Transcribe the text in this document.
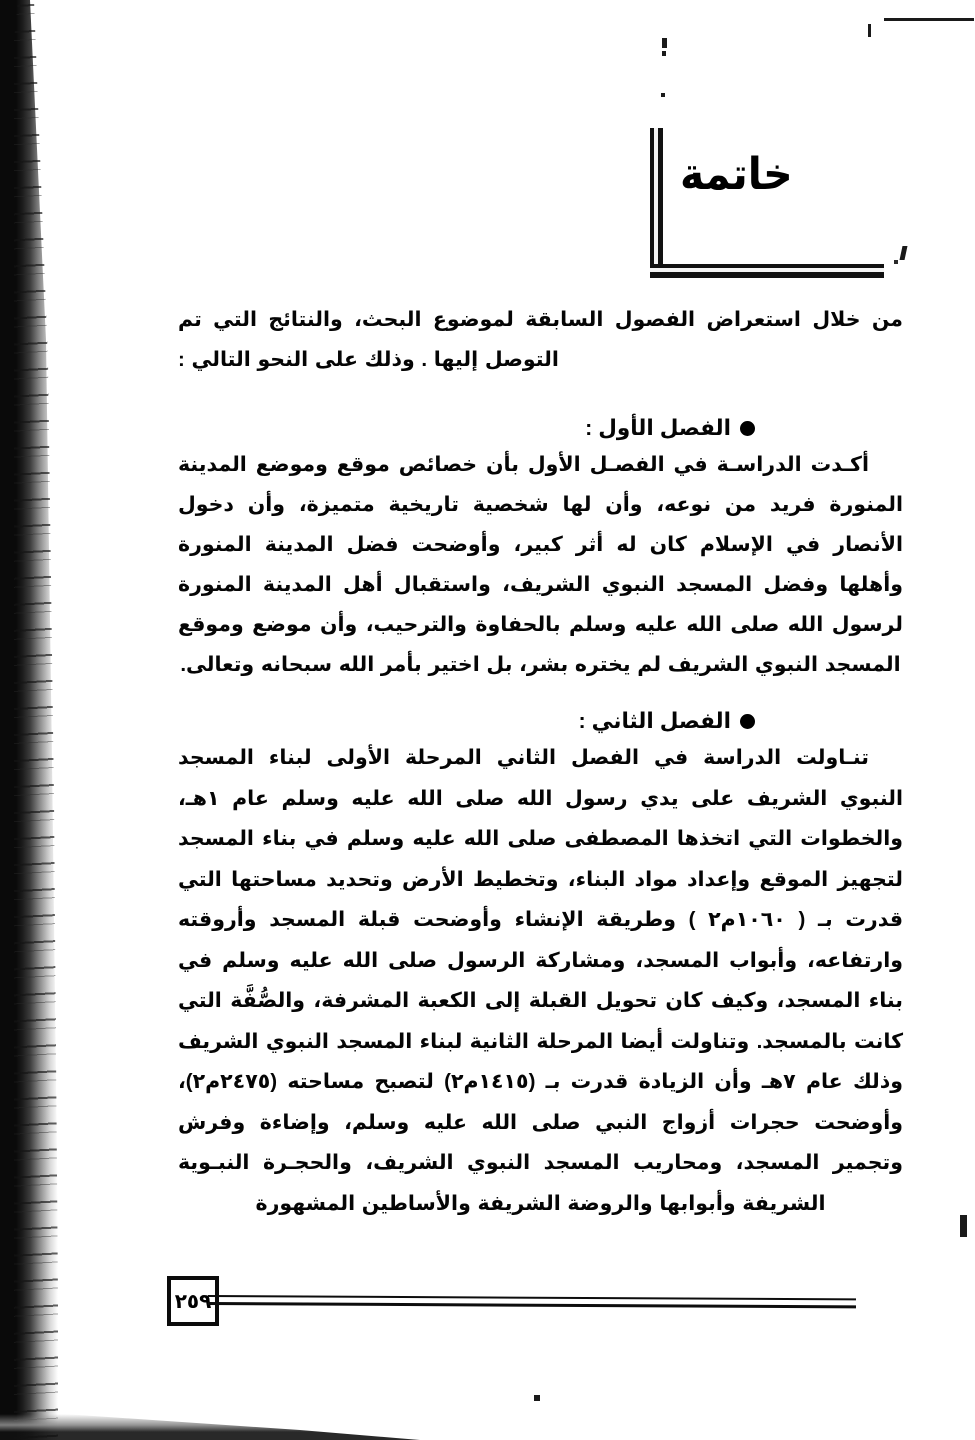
خاتمة

من خلال استعراض الفصول السابقة لموضوع البحث، والنتائج التي تم التوصل إليها . وذلك على النحو التالي :

الفصل الأول :

أكـدت الدراسـة في الفصـل الأول بأن خصائص موقع وموضع المدينة المنورة فريد من نوعه، وأن لها شخصية تاريخية متميزة، وأن دخول الأنصار في الإسلام كان له أثر كبير، وأوضحت فضل المدينة المنورة وأهلها وفضل المسجد النبوي الشريف، واستقبال أهل المدينة المنورة لرسول الله صلى الله عليه وسلم بالحفاوة والترحيب، وأن موضع وموقع المسجد النبوي الشريف لم يختره بشر، بل اختير بأمر الله سبحانه وتعالى.

الفصل الثاني :

تنـاولت الدراسة في الفصل الثاني المرحلة الأولى لبناء المسجد النبوي الشريف على يدي رسول الله صلى الله عليه وسلم عام ١هـ، والخطوات التي اتخذها المصطفى صلى الله عليه وسلم في بناء المسجد لتجهيز الموقع وإعداد مواد البناء، وتخطيط الأرض وتحديد مساحتها التي قدرت بـ ( ١٠٦٠م٢ ) وطريقة الإنشاء وأوضحت قبلة المسجد وأروقته وارتفاعه، وأبواب المسجد، ومشاركة الرسول صلى الله عليه وسلم في بناء المسجد، وكيف كان تحويل القبلة إلى الكعبة المشرفة، والصُّفَّة التي كانت بالمسجد. وتناولت أيضا المرحلة الثانية لبناء المسجد النبوي الشريف وذلك عام ٧هـ وأن الزيادة قدرت بـ (١٤١٥م٢) لتصبح مساحته (٢٤٧٥م٢)، وأوضحت حجرات أزواج النبي صلى الله عليه وسلم، وإضاءة وفرش وتجمير المسجد، ومحاريب المسجد النبوي الشريف، والحجـرة النبـوية الشريفة وأبوابها والروضة الشريفة والأساطين المشهورة

٢٥٩
